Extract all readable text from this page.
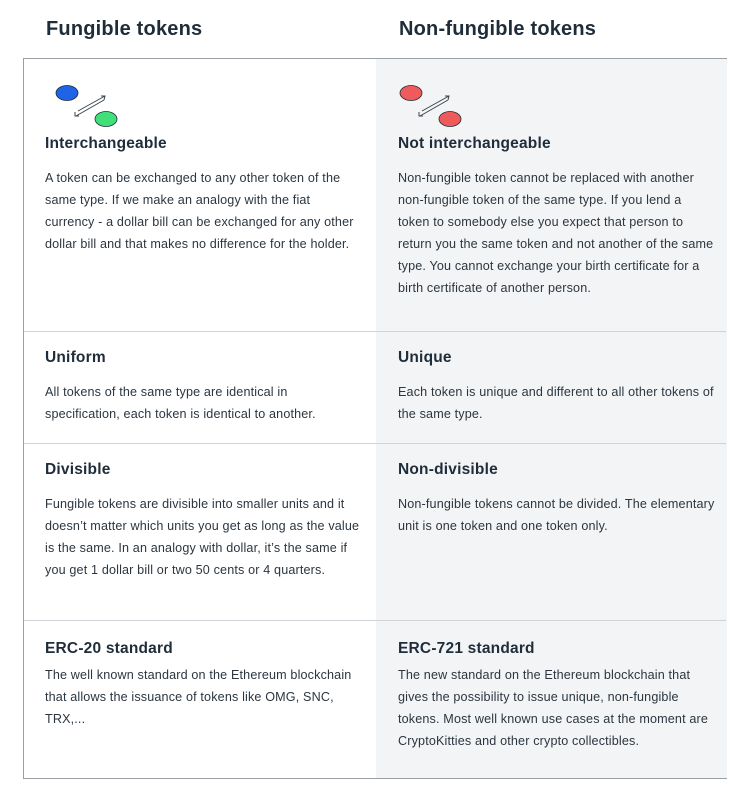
Fungible tokens	Non-fungible tokens

Interchangeable

A token can be exchanged to any other token of the same type. If we make an analogy with the fiat currency - a dollar bill can be exchanged for any other dollar bill and that makes no difference for the holder.

Not interchangeable

Non-fungible token cannot be replaced with another non-fungible token of the same type. If you lend a token to somebody else you expect that person to return you the same token and not another of the same type. You cannot exchange your birth certificate for a birth certificate of another person.

Uniform

All tokens of the same type are identical in specification, each token is identical to another.

Unique

Each token is unique and different to all other tokens of the same type.

Divisible

Fungible tokens are divisible into smaller units and it doesn’t matter which units you get as long as the value is the same. In an analogy with dollar, it’s the same if you get 1 dollar bill or two 50 cents or 4 quarters.

Non-divisible

Non-fungible tokens cannot be divided. The elementary unit is one token and one token only.

ERC-20 standard

The well known standard on the Ethereum blockchain that allows the issuance of tokens like OMG, SNC, TRX,...

ERC-721 standard

The new standard on the Ethereum blockchain that gives the possibility to issue unique, non-fungible tokens. Most well known use cases at the moment are CryptoKitties and other crypto collectibles.
